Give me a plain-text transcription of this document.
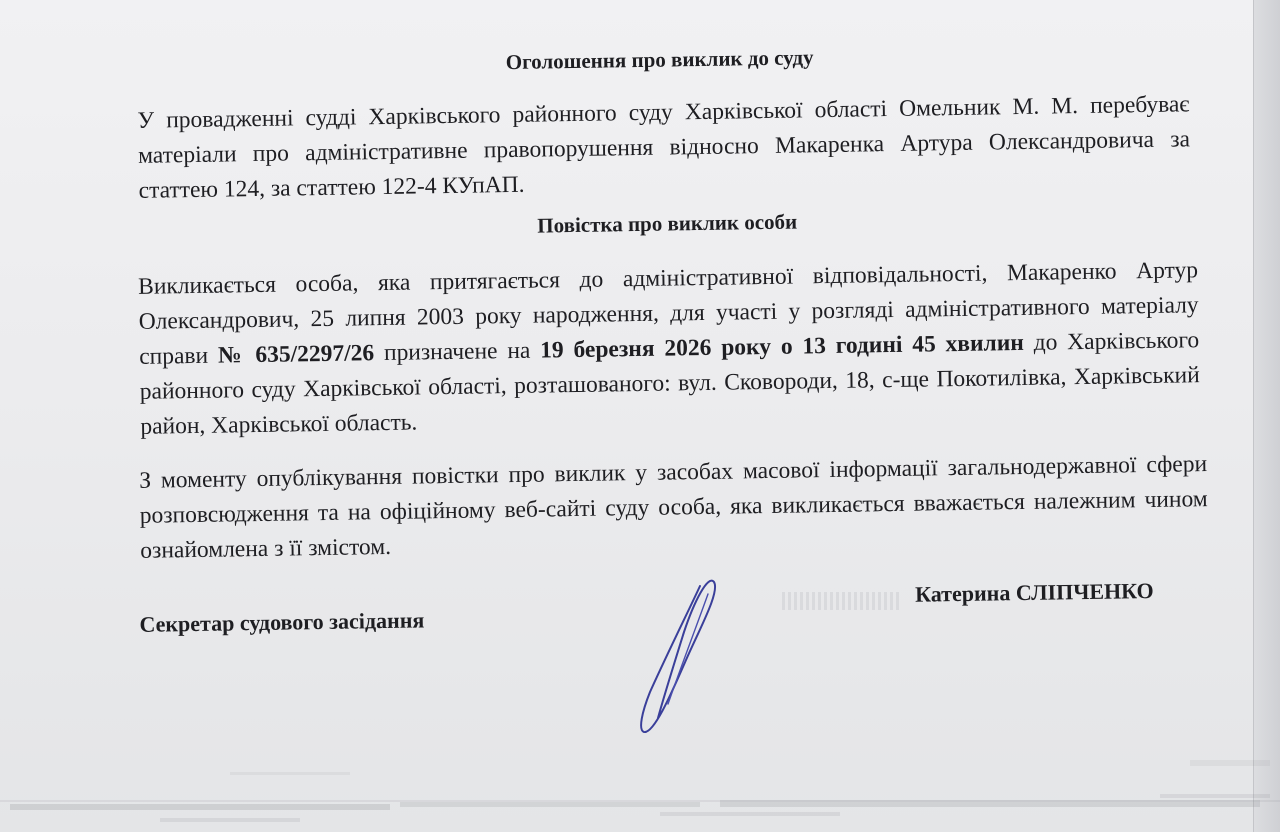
Оголошення про виклик до суду
У провадженні судді Харківського районного суду Харківської області Омельник М. М. перебуває матеріали про адміністративне правопорушення відносно Макаренка Артура Олександровича за статтею 124, за статтею 122-4 КУпАП.
Повістка про виклик особи
Викликається особа, яка притягається до адміністративної відповідальності, Макаренко Артур Олександрович, 25 липня 2003 року народження, для участі у розгляді адміністративного матеріалу справи № 635/2297/26 призначене на 19 березня 2026 року о 13 годині 45 хвилин до Харківського районного суду Харківської області, розташованого: вул. Сковороди, 18, с-ще Покотилівка, Харківський район, Харківської область.
З моменту опублікування повістки про виклик у засобах масової інформації загальнодержавної сфери розповсюдження та на офіційному веб-сайті суду особа, яка викликається вважається належним чином ознайомлена з її змістом.
Секретар судового засідання
Катерина СЛІПЧЕНКО
